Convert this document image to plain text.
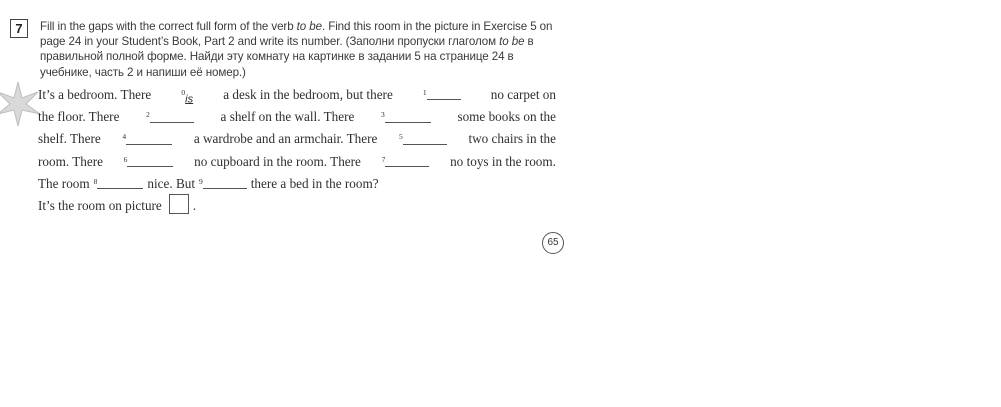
7	Fill in the gaps with the correct full form of the verb to be. Find this room in the picture in Exercise 5 on page 24 in your Student’s Book, Part 2 and write its number. (Заполни пропуски глаголом to be в правильной полной форме. Найди эту комнату на картинке в задании 5 на странице 24 в учебнике, часть 2 и напиши её номер.)
It’s a bedroom. There	$^0$is a desk in the bedroom, but there	$^1$	no carpet on
the floor. There	$^2$	a shelf on the wall. There	$^3$	some books on the
shelf. There	$^4$	a wardrobe and an armchair. There	$^5$	two chairs in the
room. There	$^6$	no cupboard in the room. There	$^7$	no toys in the room.
The room $^8$	nice. But $^9$	there a bed in the room?
It’s the room on picture .
65
